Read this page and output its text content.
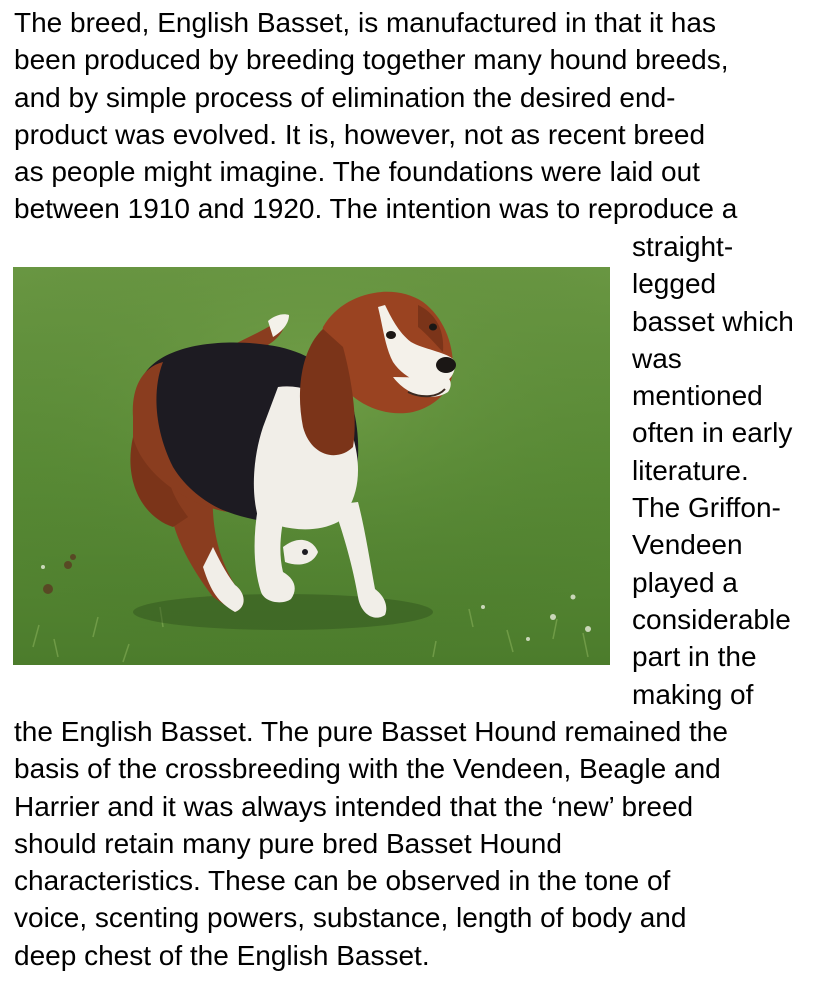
The breed, English Basset, is manufactured in that it has
been produced by breeding together many hound breeds,
and by simple process of elimination the desired end-
product was evolved. It is, however, not as recent breed
as people might imagine. The foundations were laid out
between 1910 and 1920. The intention was to reproduce a
straight-
legged
basset which
was
mentioned
often in early
literature.
The Griffon-
Vendeen
played a
considerable
part in the
making of
the English Basset. The pure Basset Hound remained the
basis of the crossbreeding with the Vendeen, Beagle and
Harrier and it was always intended that the ‘new’ breed
should retain many pure bred Basset Hound
characteristics. These can be observed in the tone of
voice, scenting powers, substance, length of body and
deep chest of the English Basset.
